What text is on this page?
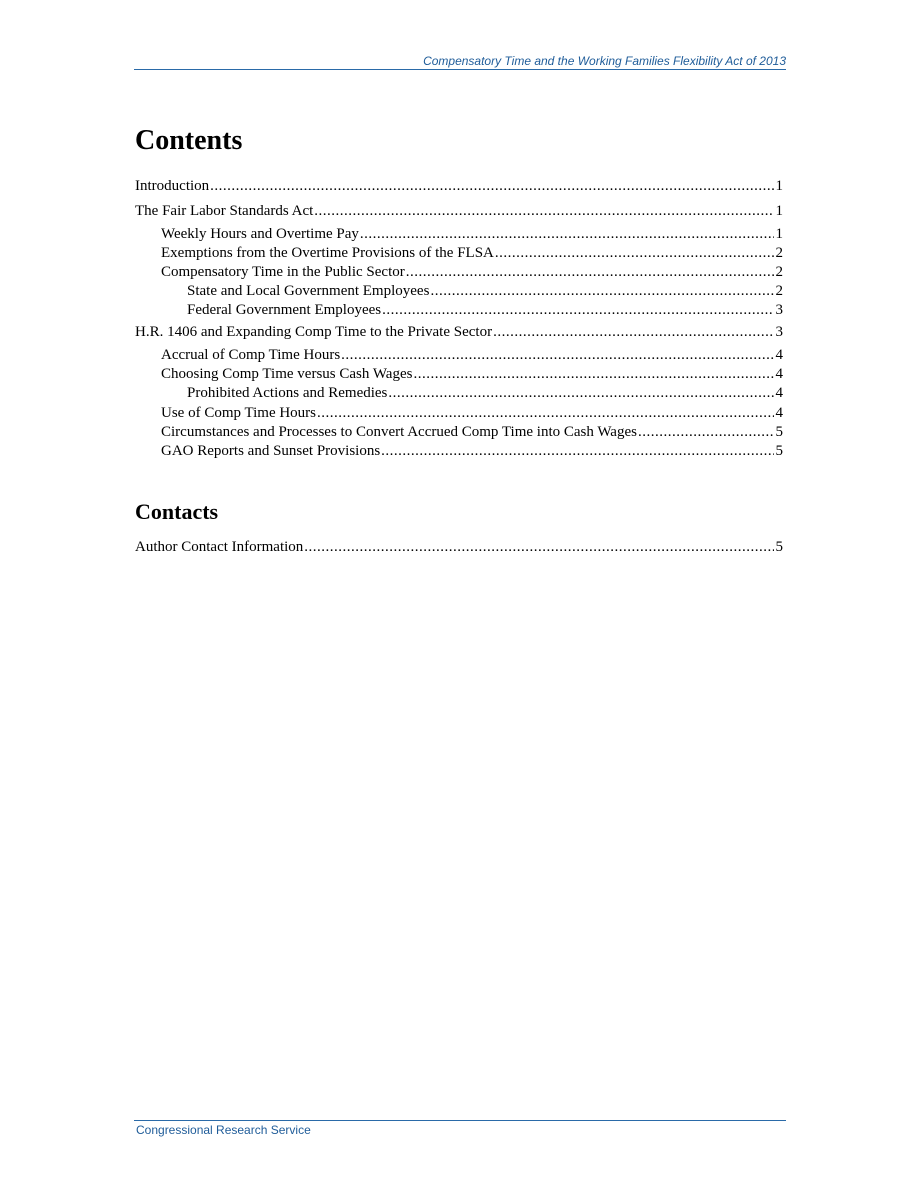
Compensatory Time and the Working Families Flexibility Act of 2013
Contents
Introduction .....	1
The Fair Labor Standards Act .....	1
Weekly Hours and Overtime Pay .....	1
Exemptions from the Overtime Provisions of the FLSA .....	2
Compensatory Time in the Public Sector .....	2
State and Local Government Employees .....	2
Federal Government Employees .....	3
H.R. 1406 and Expanding Comp Time to the Private Sector .....	3
Accrual of Comp Time Hours .....	4
Choosing Comp Time versus Cash Wages .....	4
Prohibited Actions and Remedies .....	4
Use of Comp Time Hours .....	4
Circumstances and Processes to Convert Accrued Comp Time into Cash Wages .....	5
GAO Reports and Sunset Provisions .....	5
Contacts
Author Contact Information .....	5
Congressional Research Service
